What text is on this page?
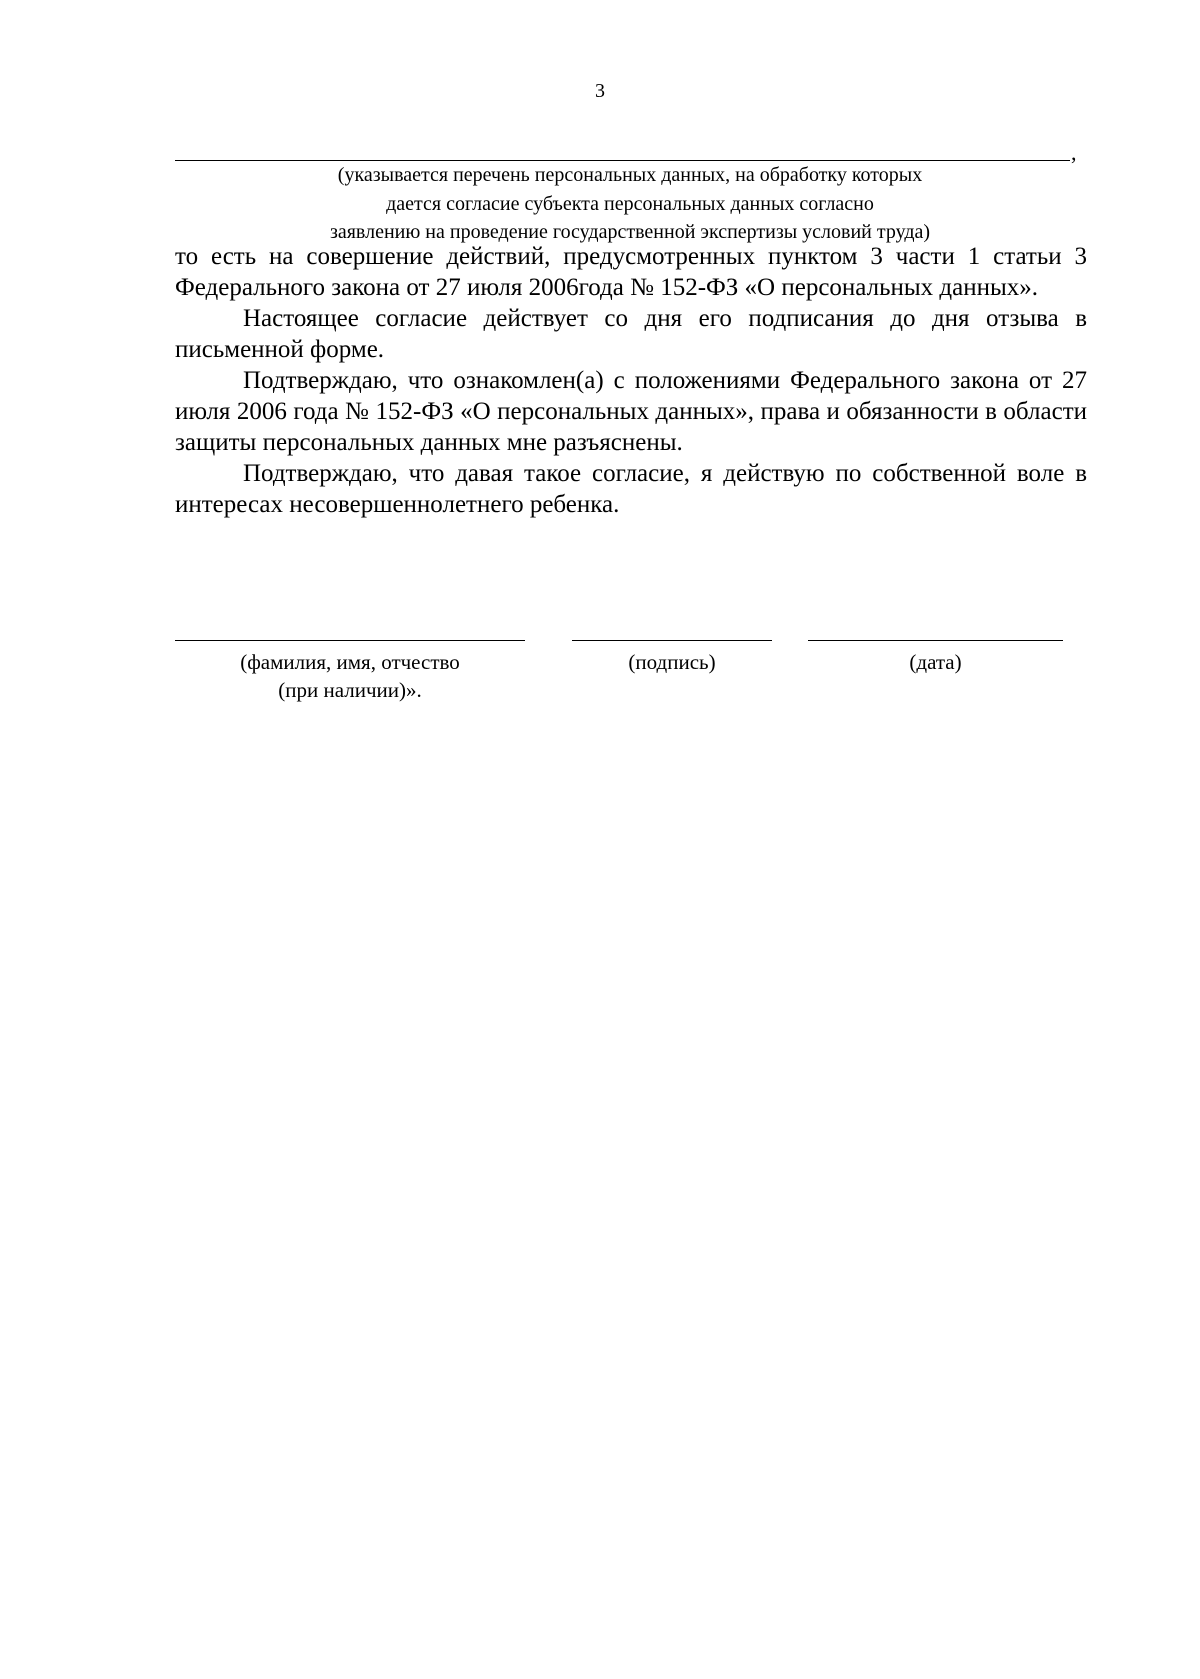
3
,
(указывается перечень персональных данных, на обработку которых
дается согласие субъекта персональных данных согласно
заявлению на проведение государственной экспертизы условий труда)

то есть на совершение действий, предусмотренных пунктом 3 части 1 статьи 3 Федерального закона от 27 июля 2006года № 152-ФЗ «О персональных данных».

Настоящее согласие действует со дня его подписания до дня отзыва в письменной форме.

Подтверждаю, что ознакомлен(а) с положениями Федерального закона от 27 июля 2006 года № 152-ФЗ «О персональных данных», права и обязанности в области защиты персональных данных мне разъяснены.

Подтверждаю, что давая такое согласие, я действую по собственной воле в интересах несовершеннолетнего ребенка.

(фамилия, имя, отчество
(при наличии)».
(подпись)	(дата)
